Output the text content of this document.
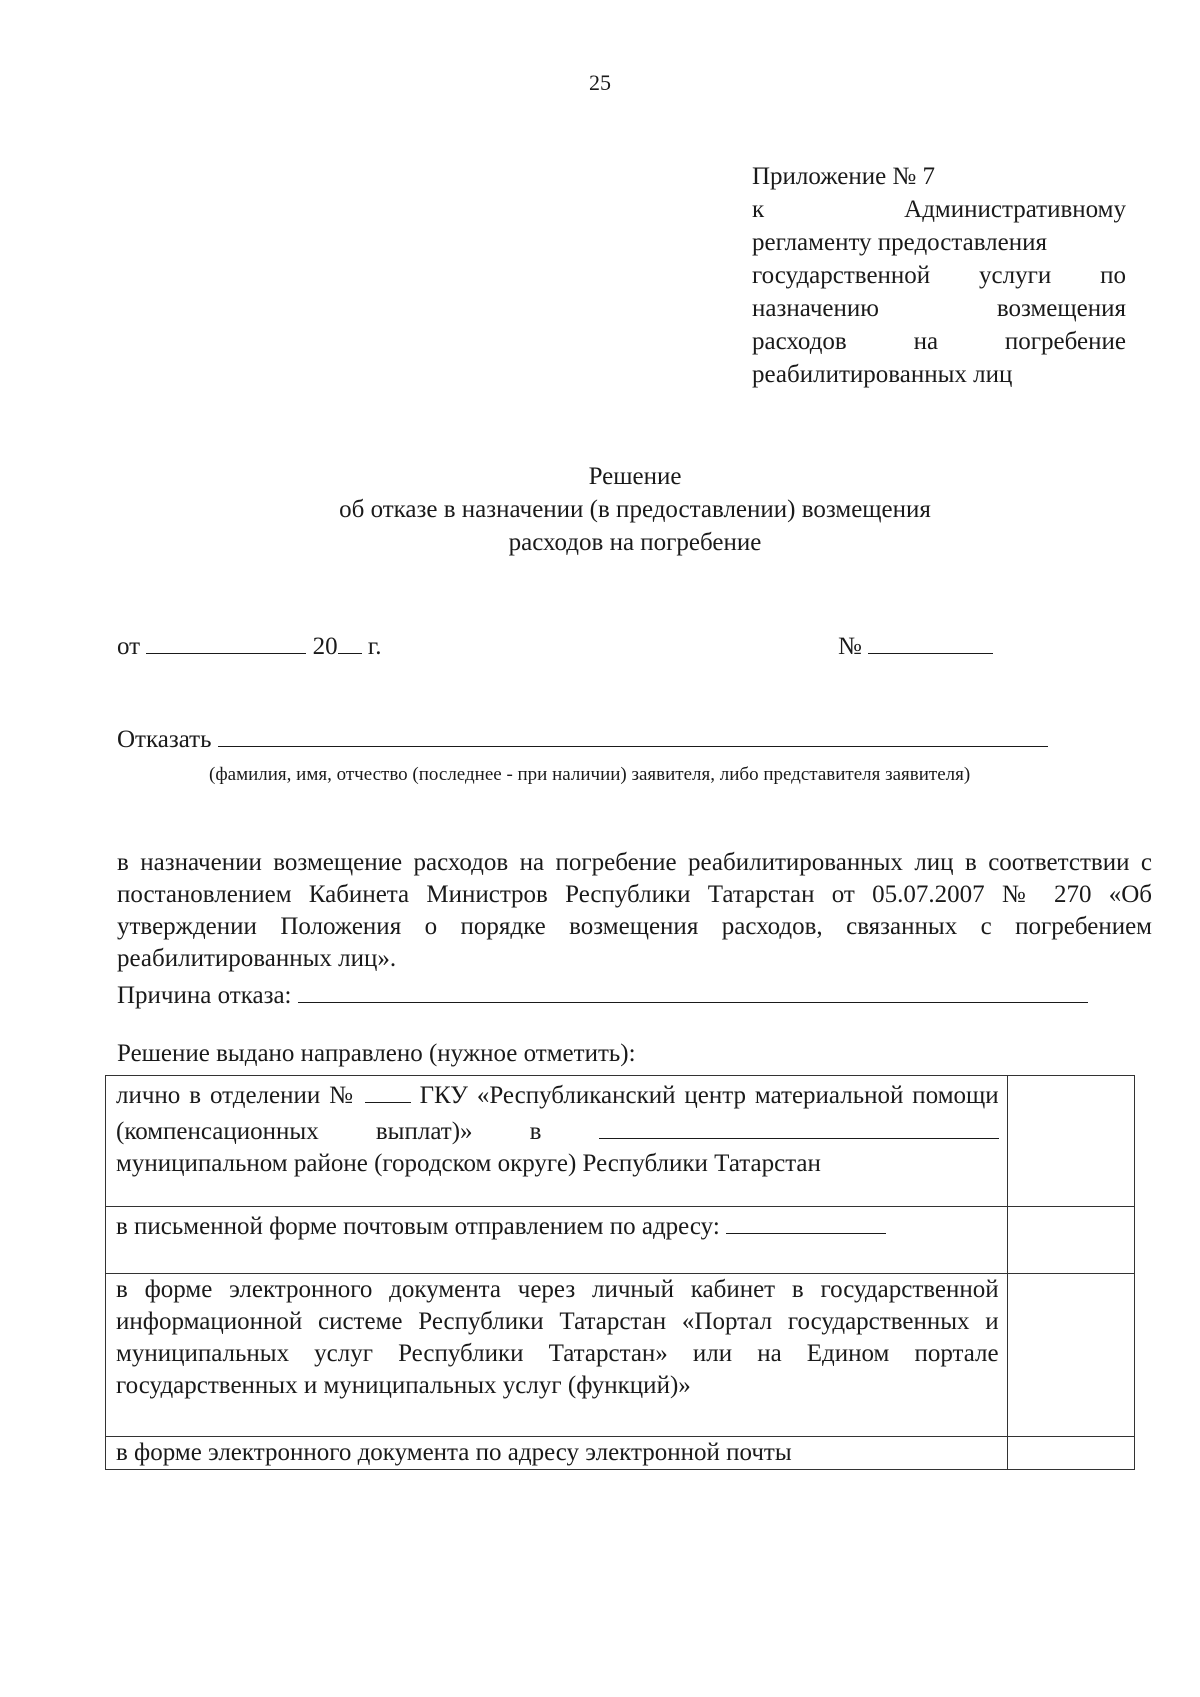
25
Приложение № 7
к Административному
регламенту предоставления
государственной услуги по
назначению возмещения
расходов на погребение
реабилитированных лиц
Решение
об отказе в назначении (в предоставлении) возмещения
расходов на погребение
от	20 г.	№
Отказать
(фамилия, имя, отчество (последнее - при наличии) заявителя, либо представителя заявителя)
в назначении возмещение расходов на погребение реабилитированных лиц в соответствии с постановлением Кабинета Министров Республики Татарстан от 05.07.2007 № 270 «Об утверждении Положения о порядке возмещения расходов, связанных с погребением реабилитированных лиц».
Причина отказа:
Решение выдано направлено (нужное отметить):
лично в отделении № ГКУ «Республиканский центр материальной помощи (компенсационных выплат)» в муниципальном районе (городском округе) Республики Татарстан	
в письменной форме почтовым отправлением по адресу:	
в форме электронного документа через личный кабинет в государственной информационной системе Республики Татарстан «Портал государственных и муниципальных услуг Республики Татарстан» или на Едином портале государственных и муниципальных услуг (функций)»	
в форме электронного документа по адресу электронной почты	
